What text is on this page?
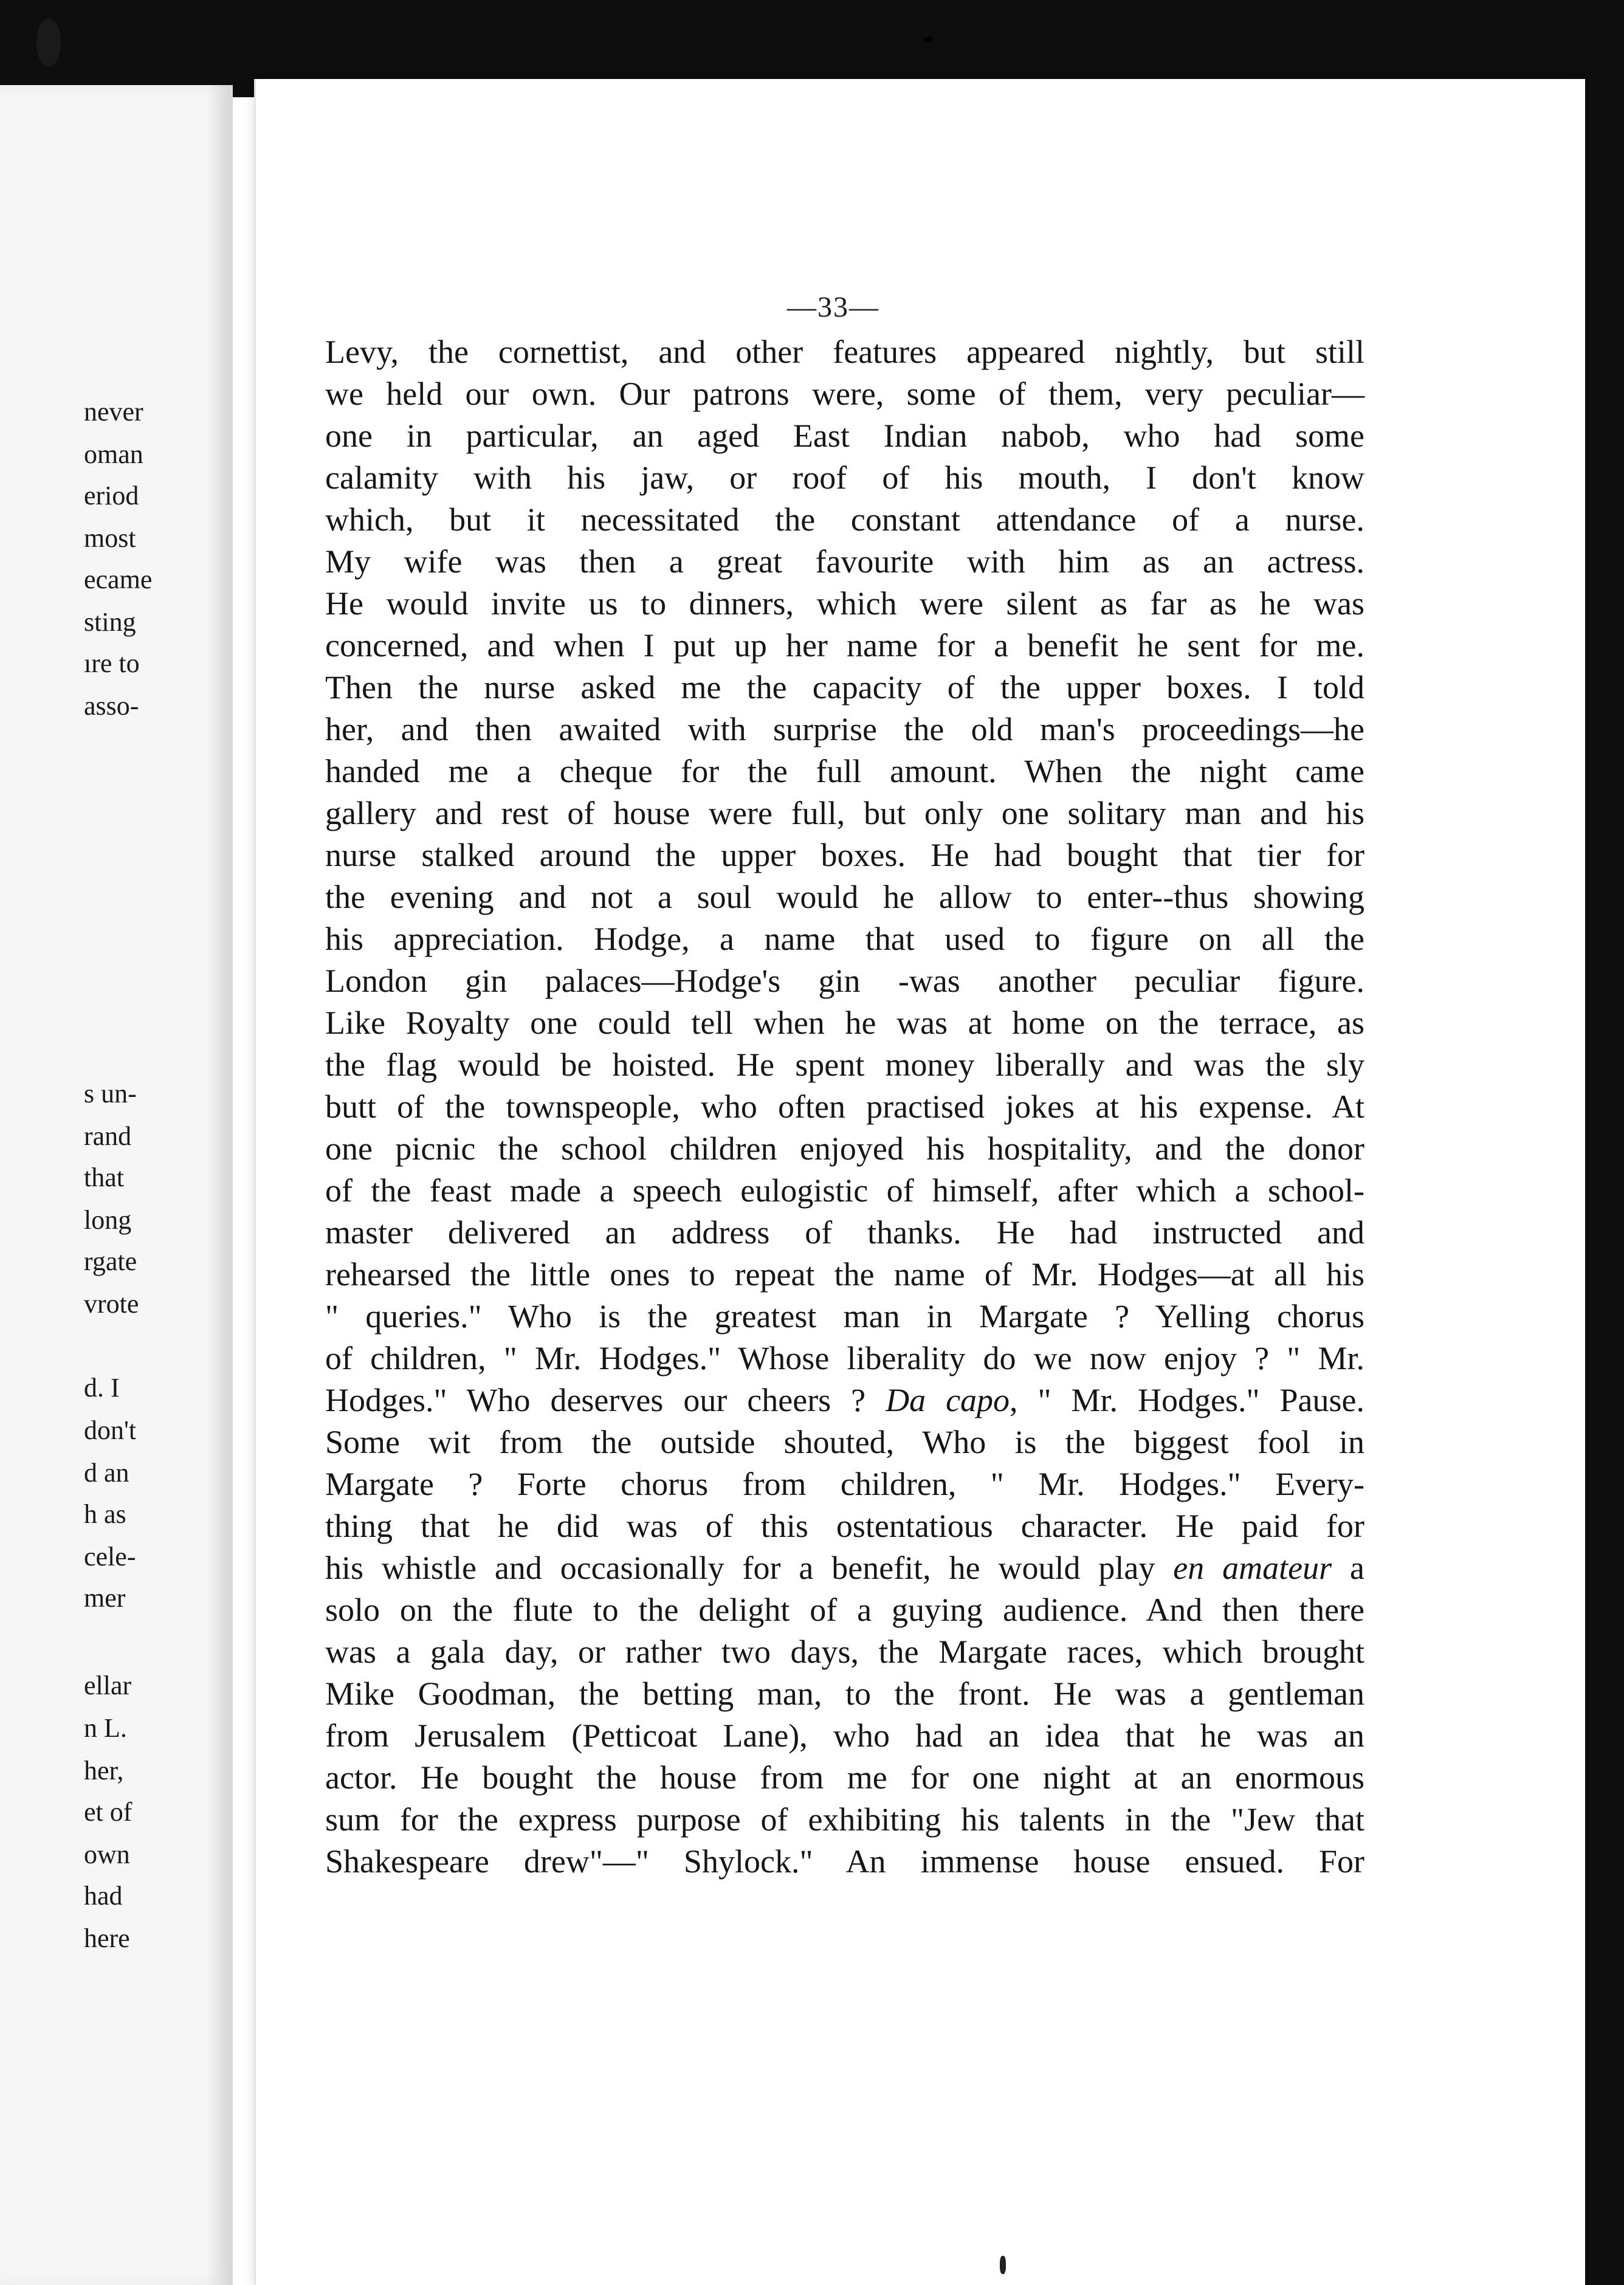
never
oman
eriod
most
ecame
sting
ıre to
asso-
s un-
rand
that
long
rgate
vrote
d. I
don't
d an
h as
cele-
mer
ellar
n L.
her,
et of
own
had
here
—33—
Levy, the cornettist, and other features appeared nightly, but still
we held our own. Our patrons were, some of them, very peculiar—
one in particular, an aged East Indian nabob, who had some
calamity with his jaw, or roof of his mouth, I don't know
which, but it necessitated the constant attendance of a nurse.
My wife was then a great favourite with him as an actress.
He would invite us to dinners, which were silent as far as he was
concerned, and when I put up her name for a benefit he sent for me.
Then the nurse asked me the capacity of the upper boxes. I told
her, and then awaited with surprise the old man's proceedings—he
handed me a cheque for the full amount. When the night came
gallery and rest of house were full, but only one solitary man and his
nurse stalked around the upper boxes. He had bought that tier for
the evening and not a soul would he allow to enter--thus showing
his appreciation. Hodge, a name that used to figure on all the
London gin palaces—Hodge's gin -was another peculiar figure.
Like Royalty one could tell when he was at home on the terrace, as
the flag would be hoisted. He spent money liberally and was the sly
butt of the townspeople, who often practised jokes at his expense. At
one picnic the school children enjoyed his hospitality, and the donor
of the feast made a speech eulogistic of himself, after which a school-
master delivered an address of thanks. He had instructed and
rehearsed the little ones to repeat the name of Mr. Hodges—at all his
" queries." Who is the greatest man in Margate ? Yelling chorus
of children, " Mr. Hodges." Whose liberality do we now enjoy ? " Mr.
Hodges." Who deserves our cheers ? Da capo, " Mr. Hodges." Pause.
Some wit from the outside shouted, Who is the biggest fool in
Margate ? Forte chorus from children, " Mr. Hodges." Every-
thing that he did was of this ostentatious character. He paid for
his whistle and occasionally for a benefit, he would play en amateur a
solo on the flute to the delight of a guying audience. And then there
was a gala day, or rather two days, the Margate races, which brought
Mike Goodman, the betting man, to the front. He was a gentleman
from Jerusalem (Petticoat Lane), who had an idea that he was an
actor. He bought the house from me for one night at an enormous
sum for the express purpose of exhibiting his talents in the "Jew that
Shakespeare drew"—" Shylock." An immense house ensued. For
